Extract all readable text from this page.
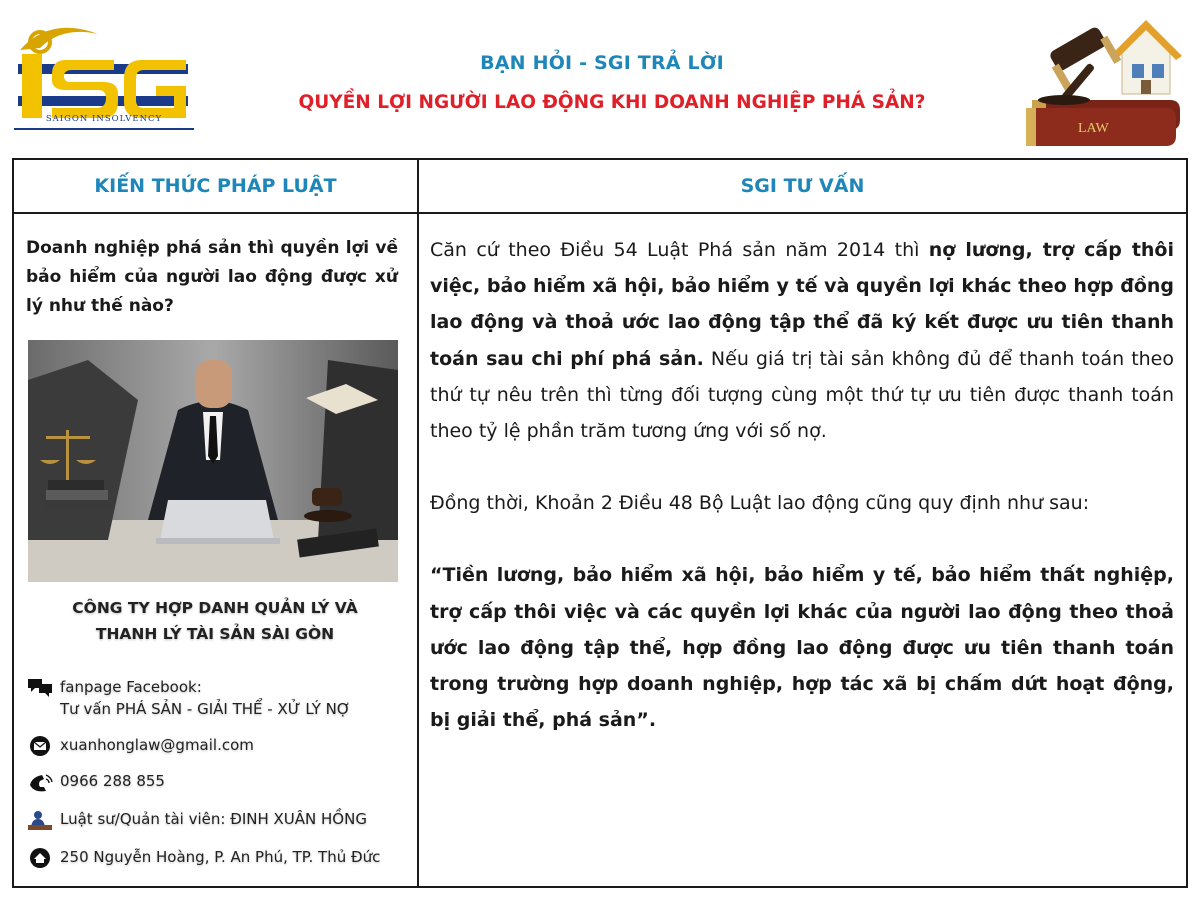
SAIGON INSOLVENCY
BẠN HỎI - SGI TRẢ LỜI
QUYỀN LỢI NGƯỜI LAO ĐỘNG KHI DOANH NGHIỆP PHÁ SẢN?
LAW
KIẾN THỨC PHÁP LUẬT	SGI TƯ VẤN
Doanh nghiệp phá sản thì quyền lợi về bảo hiểm của người lao động được xử lý như thế nào?
CÔNG TY HỢP DANH QUẢN LÝ VÀ
THANH LÝ TÀI SẢN SÀI GÒN
fanpage Facebook:
Tư vấn PHÁ SẢN - GIẢI THỂ - XỬ LÝ NỢ
xuanhonglaw@gmail.com
0966 288 855
Luật sư/Quản tài viên: ĐINH XUÂN HỒNG
250 Nguyễn Hoàng, P. An Phú, TP. Thủ Đức

Căn cứ theo Điều 54 Luật Phá sản năm 2014 thì nợ lương, trợ cấp thôi việc, bảo hiểm xã hội, bảo hiểm y tế và quyền lợi khác theo hợp đồng lao động và thoả ước lao động tập thể đã ký kết được ưu tiên thanh toán sau chi phí phá sản. Nếu giá trị tài sản không đủ để thanh toán theo thứ tự nêu trên thì từng đối tượng cùng một thứ tự ưu tiên được thanh toán theo tỷ lệ phần trăm tương ứng với số nợ.

Đồng thời, Khoản 2 Điều 48 Bộ Luật lao động cũng quy định như sau:

“Tiền lương, bảo hiểm xã hội, bảo hiểm y tế, bảo hiểm thất nghiệp, trợ cấp thôi việc và các quyền lợi khác của người lao động theo thoả ước lao động tập thể, hợp đồng lao động được ưu tiên thanh toán trong trường hợp doanh nghiệp, hợp tác xã bị chấm dứt hoạt động, bị giải thể, phá sản”.
